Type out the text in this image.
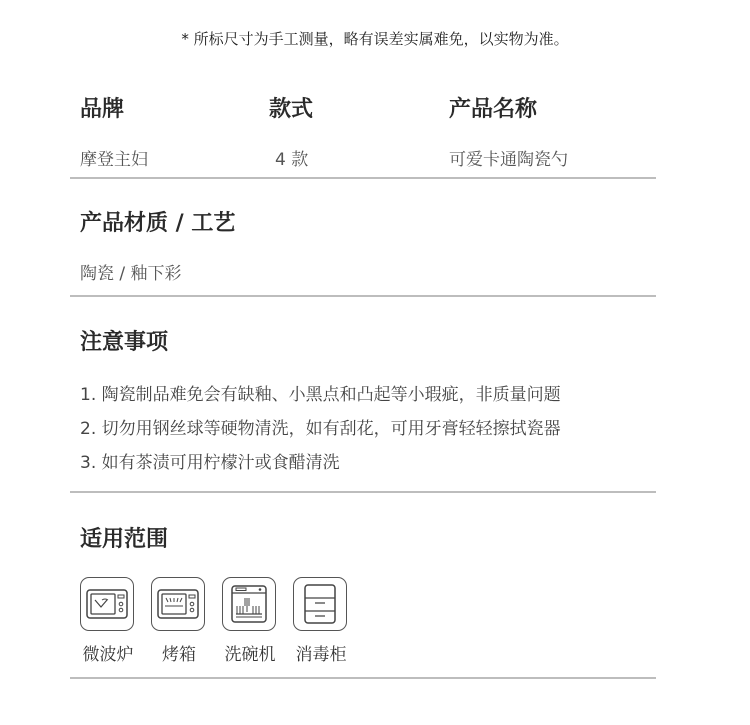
* 所标尺寸为手工测量，略有误差实属难免，以实物为准。
品牌
摩登主妇
款式
4 款
产品名称
可爱卡通陶瓷勺
产品材质 / 工艺
陶瓷 / 釉下彩
注意事项
1. 陶瓷制品难免会有缺釉、小黑点和凸起等小瑕疵，非质量问题
2. 切勿用钢丝球等硬物清洗，如有刮花，可用牙膏轻轻擦拭瓷器
3. 如有茶渍可用柠檬汁或食醋清洗
适用范围
微波炉	烤箱	洗碗机 消毒柜
